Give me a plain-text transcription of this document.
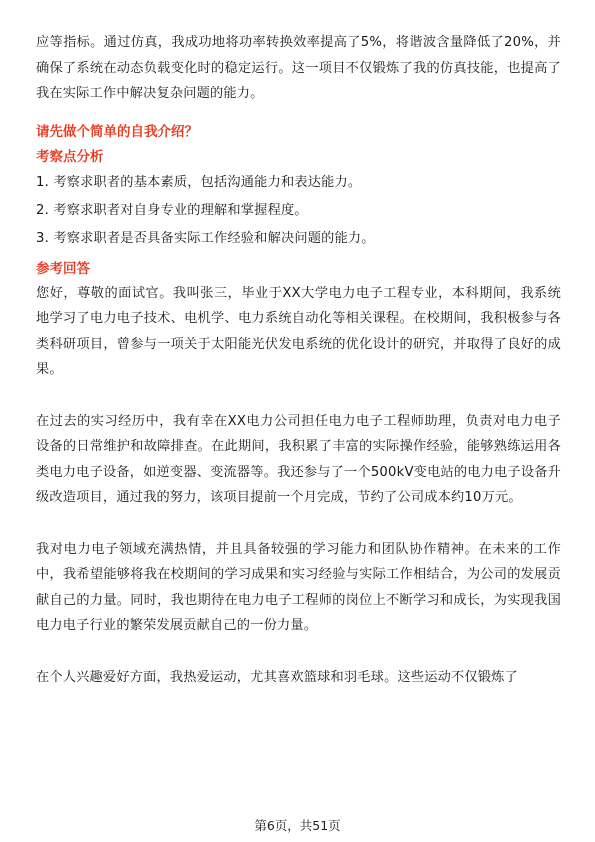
应等指标。通过仿真，我成功地将功率转换效率提高了5%，将谐波含量降低了20%，并确保了系统在动态负载变化时的稳定运行。这一项目不仅锻炼了我的仿真技能，也提高了我在实际工作中解决复杂问题的能力。

请先做个简单的自我介绍？
考察点分析

1. 考察求职者的基本素质，包括沟通能力和表达能力。

2. 考察求职者对自身专业的理解和掌握程度。

3. 考察求职者是否具备实际工作经验和解决问题的能力。

参考回答

您好，尊敬的面试官。我叫张三，毕业于XX大学电力电子工程专业，本科期间，我系统地学习了电力电子技术、电机学、电力系统自动化等相关课程。在校期间，我积极参与各类科研项目，曾参与一项关于太阳能光伏发电系统的优化设计的研究，并取得了良好的成果。

在过去的实习经历中，我有幸在XX电力公司担任电力电子工程师助理，负责对电力电子设备的日常维护和故障排查。在此期间，我积累了丰富的实际操作经验，能够熟练运用各类电力电子设备，如逆变器、变流器等。我还参与了一个500kV变电站的电力电子设备升级改造项目，通过我的努力，该项目提前一个月完成，节约了公司成本约10万元。

我对电力电子领域充满热情，并且具备较强的学习能力和团队协作精神。在未来的工作中，我希望能够将我在校期间的学习成果和实习经验与实际工作相结合，为公司的发展贡献自己的力量。同时，我也期待在电力电子工程师的岗位上不断学习和成长，为实现我国电力电子行业的繁荣发展贡献自己的一份力量。

在个人兴趣爱好方面，我热爱运动，尤其喜欢篮球和羽毛球。这些运动不仅锻炼了

第6页，共51页
